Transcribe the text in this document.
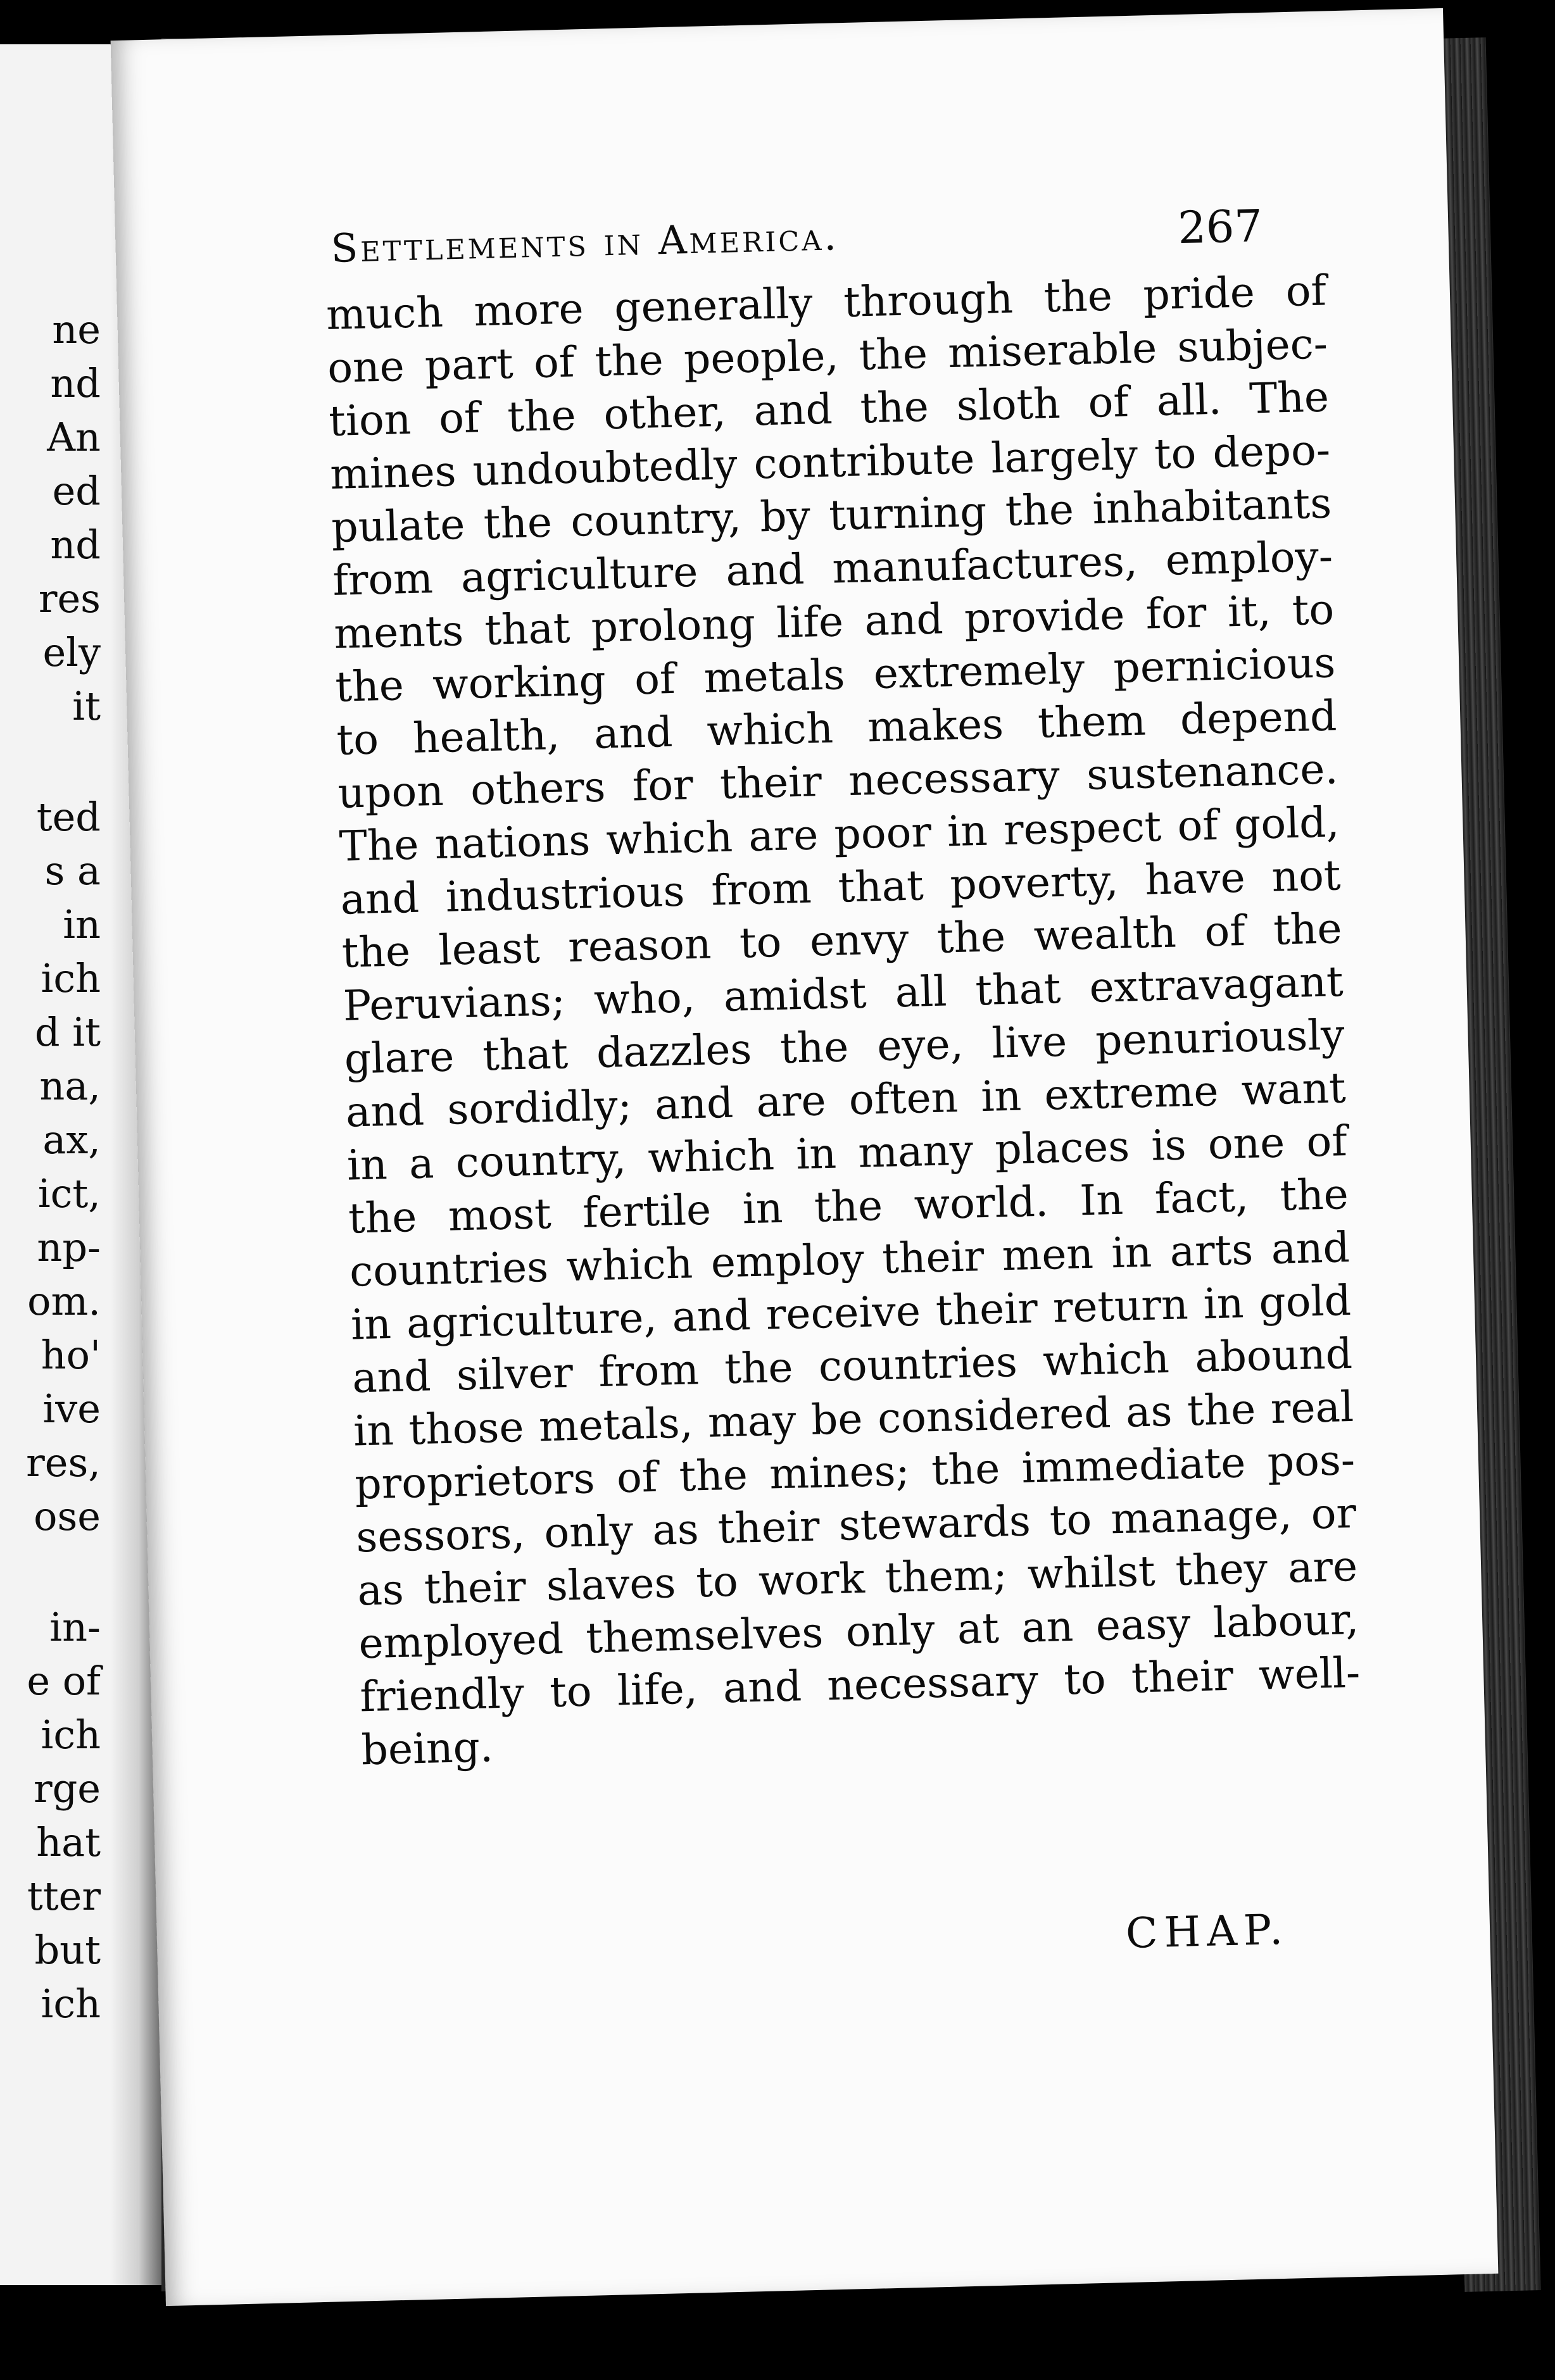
ne
nd
An
ed
nd
res
ely
it
ted
s a
in
ich
d it
na,
ax,
ict,
np-
om.
ho'
ive
res,
ose
in-
e of
ich
rge
hat
tter
but
ich
Settlements in America.	267
much more generally through the pride of
one part of the people, the miserable subjec-
tion of the other, and the sloth of all. The
mines undoubtedly contribute largely to depo-
pulate the country, by turning the inhabitants
from agriculture and manufactures, employ-
ments that prolong life and provide for it, to
the working of metals extremely pernicious
to health, and which makes them depend
upon others for their necessary sustenance.
The nations which are poor in respect of gold,
and industrious from that poverty, have not
the least reason to envy the wealth of the
Peruvians; who, amidst all that extravagant
glare that dazzles the eye, live penuriously
and sordidly; and are often in extreme want
in a country, which in many places is one of
the most fertile in the world. In fact, the
countries which employ their men in arts and
in agriculture, and receive their return in gold
and silver from the countries which abound
in those metals, may be considered as the real
proprietors of the mines; the immediate pos-
sessors, only as their stewards to manage, or
as their slaves to work them; whilst they are
employed themselves only at an easy labour,
friendly to life, and necessary to their well-
being.
CHAP.
